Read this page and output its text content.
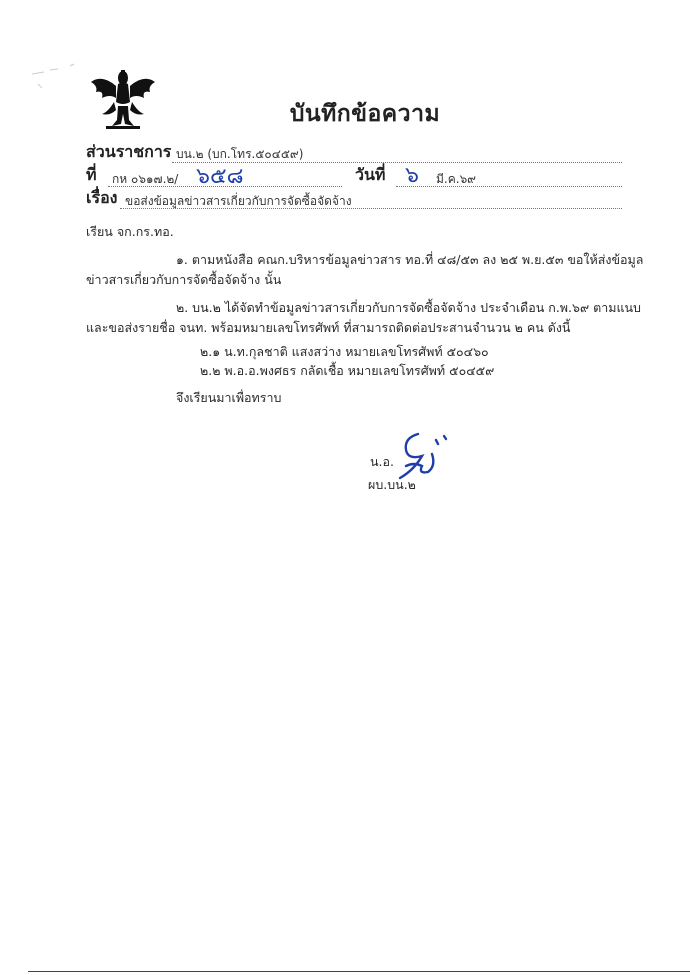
บันทึกข้อความ
ส่วนราชการ บน.๒ (บก.โทร.๕๐๔๕๙)
ที่ กห ๐๖๑๗.๒/ ๖๕๘	วันที่ ๖ มี.ค.๖๙
เรื่อง ขอส่งข้อมูลข่าวสารเกี่ยวกับการจัดซื้อจัดจ้าง
เรียน จก.กร.ทอ.
๑. ตามหนังสือ คณก.บริหารข้อมูลข่าวสาร ทอ.ที่ ๔๘/๕๓ ลง ๒๕ พ.ย.๕๓ ขอให้ส่งข้อมูล
ข่าวสารเกี่ยวกับการจัดซื้อจัดจ้าง นั้น
๒. บน.๒ ได้จัดทำข้อมูลข่าวสารเกี่ยวกับการจัดซื้อจัดจ้าง ประจำเดือน ก.พ.๖๙ ตามแนบ
และขอส่งรายชื่อ จนท. พร้อมหมายเลขโทรศัพท์ ที่สามารถติดต่อประสานจำนวน ๒ คน ดังนี้
๒.๑ น.ท.กุลชาติ แสงสว่าง หมายเลขโทรศัพท์ ๕๐๔๖๐
๒.๒ พ.อ.อ.พงศธร กลัดเชื้อ หมายเลขโทรศัพท์ ๕๐๔๕๙
จึงเรียนมาเพื่อทราบ
น.อ.
ผบ.บน.๒
